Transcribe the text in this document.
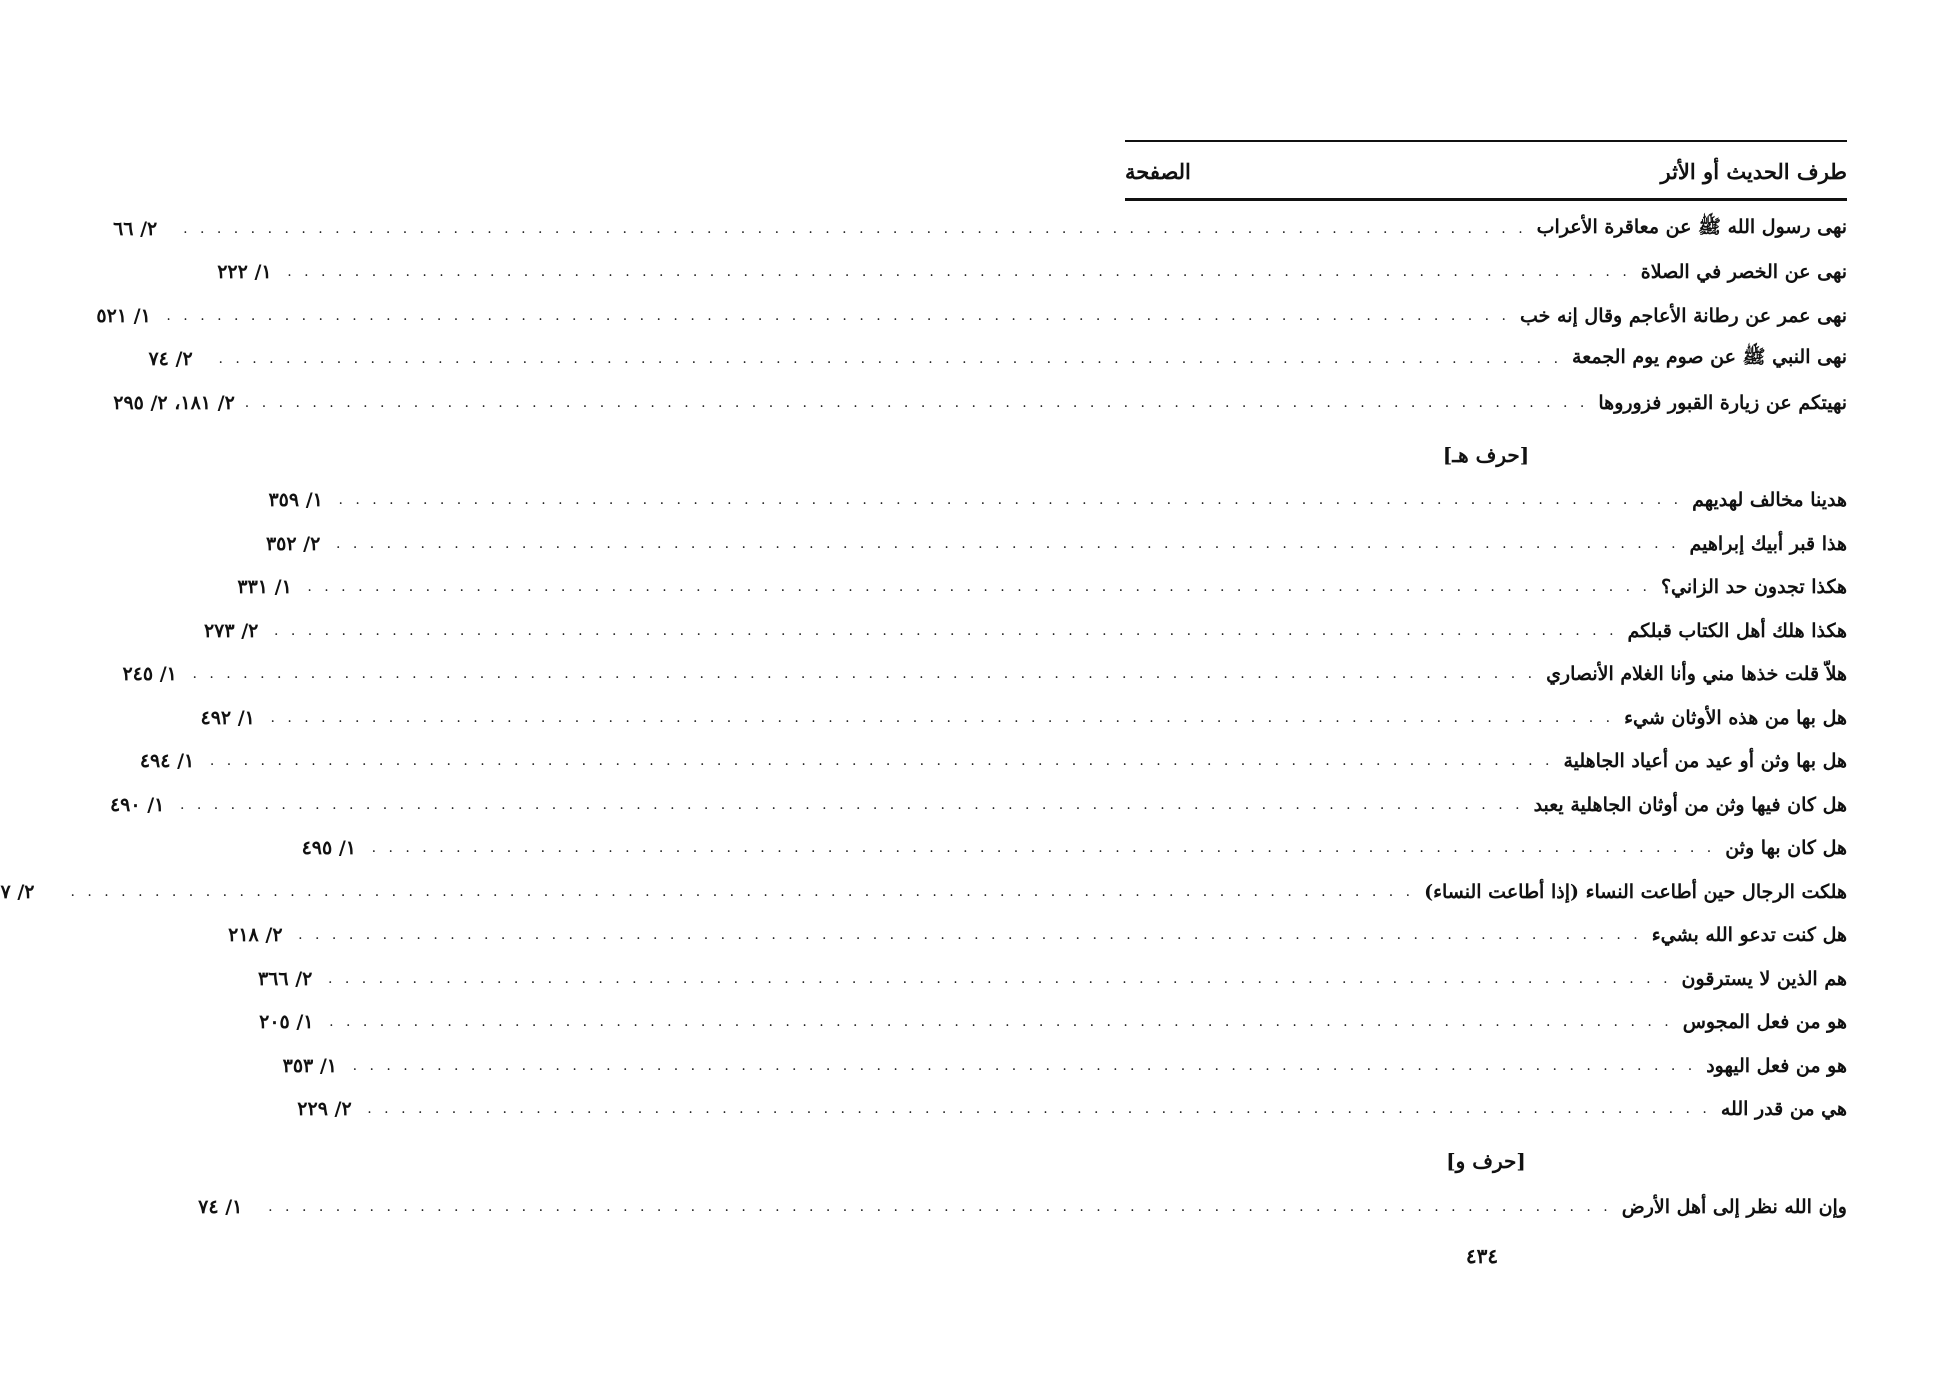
طرف الحديث أو الأثر
الصفحة
نهى رسول الله ﷺ عن معاقرة الأعراب
. . . . . . . . . . . . . . . . . . . . . . . . . . . . . . . . . . . . . . . . . . . . . . . . . . . . . . . . . . . . . . . . . . . . . . . . . . . . . . . .
٢/ ٦٦
نهى عن الخصر في الصلاة
. . . . . . . . . . . . . . . . . . . . . . . . . . . . . . . . . . . . . . . . . . . . . . . . . . . . . . . . . . . . . . . . . . . . . . . . . . . . . . . .
١/ ٢٢٢
نهى عمر عن رطانة الأعاجم وقال إنه خب
. . . . . . . . . . . . . . . . . . . . . . . . . . . . . . . . . . . . . . . . . . . . . . . . . . . . . . . . . . . . . . . . . . . . . . . . . . . . . . . .
١/ ٥٢١
نهى النبي ﷺ عن صوم يوم الجمعة
. . . . . . . . . . . . . . . . . . . . . . . . . . . . . . . . . . . . . . . . . . . . . . . . . . . . . . . . . . . . . . . . . . . . . . . . . . . . . . . .
٢/ ٧٤
نهيتكم عن زيارة القبور فزوروها
. . . . . . . . . . . . . . . . . . . . . . . . . . . . . . . . . . . . . . . . . . . . . . . . . . . . . . . . . . . . . . . . . . . . . . . . . . . . . . . .
٢/ ١٨١، ٢/ ٢٩٥
[حرف هـ]
هدينا مخالف لهديهم
. . . . . . . . . . . . . . . . . . . . . . . . . . . . . . . . . . . . . . . . . . . . . . . . . . . . . . . . . . . . . . . . . . . . . . . . . . . . . . . .
١/ ٣٥٩
هذا قبر أبيك إبراهيم
. . . . . . . . . . . . . . . . . . . . . . . . . . . . . . . . . . . . . . . . . . . . . . . . . . . . . . . . . . . . . . . . . . . . . . . . . . . . . . . .
٢/ ٣٥٢
هكذا تجدون حد الزاني؟
. . . . . . . . . . . . . . . . . . . . . . . . . . . . . . . . . . . . . . . . . . . . . . . . . . . . . . . . . . . . . . . . . . . . . . . . . . . . . . . .
١/ ٣٣١
هكذا هلك أهل الكتاب قبلكم
. . . . . . . . . . . . . . . . . . . . . . . . . . . . . . . . . . . . . . . . . . . . . . . . . . . . . . . . . . . . . . . . . . . . . . . . . . . . . . . .
٢/ ٢٧٣
هلاّ قلت خذها مني وأنا الغلام الأنصاري
. . . . . . . . . . . . . . . . . . . . . . . . . . . . . . . . . . . . . . . . . . . . . . . . . . . . . . . . . . . . . . . . . . . . . . . . . . . . . . . .
١/ ٢٤٥
هل بها من هذه الأوثان شيء
. . . . . . . . . . . . . . . . . . . . . . . . . . . . . . . . . . . . . . . . . . . . . . . . . . . . . . . . . . . . . . . . . . . . . . . . . . . . . . . .
١/ ٤٩٢
هل بها وثن أو عيد من أعياد الجاهلية
. . . . . . . . . . . . . . . . . . . . . . . . . . . . . . . . . . . . . . . . . . . . . . . . . . . . . . . . . . . . . . . . . . . . . . . . . . . . . . . .
١/ ٤٩٤
هل كان فيها وثن من أوثان الجاهلية يعبد
. . . . . . . . . . . . . . . . . . . . . . . . . . . . . . . . . . . . . . . . . . . . . . . . . . . . . . . . . . . . . . . . . . . . . . . . . . . . . . . .
١/ ٤٩٠
هل كان بها وثن
. . . . . . . . . . . . . . . . . . . . . . . . . . . . . . . . . . . . . . . . . . . . . . . . . . . . . . . . . . . . . . . . . . . . . . . . . . . . . . . .
١/ ٤٩٥
هلكت الرجال حين أطاعت النساء (إذا أطاعت النساء)
. . . . . . . . . . . . . . . . . . . . . . . . . . . . . . . . . . . . . . . . . . . . . . . . . . . . . . . . . . . . . . . . . . . . . . . . . . . . . . . .
٢/ ٧
هل كنت تدعو الله بشيء
. . . . . . . . . . . . . . . . . . . . . . . . . . . . . . . . . . . . . . . . . . . . . . . . . . . . . . . . . . . . . . . . . . . . . . . . . . . . . . . .
٢/ ٢١٨
هم الذين لا يسترقون
. . . . . . . . . . . . . . . . . . . . . . . . . . . . . . . . . . . . . . . . . . . . . . . . . . . . . . . . . . . . . . . . . . . . . . . . . . . . . . . .
٢/ ٣٦٦
هو من فعل المجوس
. . . . . . . . . . . . . . . . . . . . . . . . . . . . . . . . . . . . . . . . . . . . . . . . . . . . . . . . . . . . . . . . . . . . . . . . . . . . . . . .
١/ ٢٠٥
هو من فعل اليهود
. . . . . . . . . . . . . . . . . . . . . . . . . . . . . . . . . . . . . . . . . . . . . . . . . . . . . . . . . . . . . . . . . . . . . . . . . . . . . . . .
١/ ٣٥٣
هي من قدر الله
. . . . . . . . . . . . . . . . . . . . . . . . . . . . . . . . . . . . . . . . . . . . . . . . . . . . . . . . . . . . . . . . . . . . . . . . . . . . . . . .
٢/ ٢٢٩
[حرف و]
وإن الله نظر إلى أهل الأرض
. . . . . . . . . . . . . . . . . . . . . . . . . . . . . . . . . . . . . . . . . . . . . . . . . . . . . . . . . . . . . . . . . . . . . . . . . . . . . . . .
١/ ٧٤
٤٣٤
